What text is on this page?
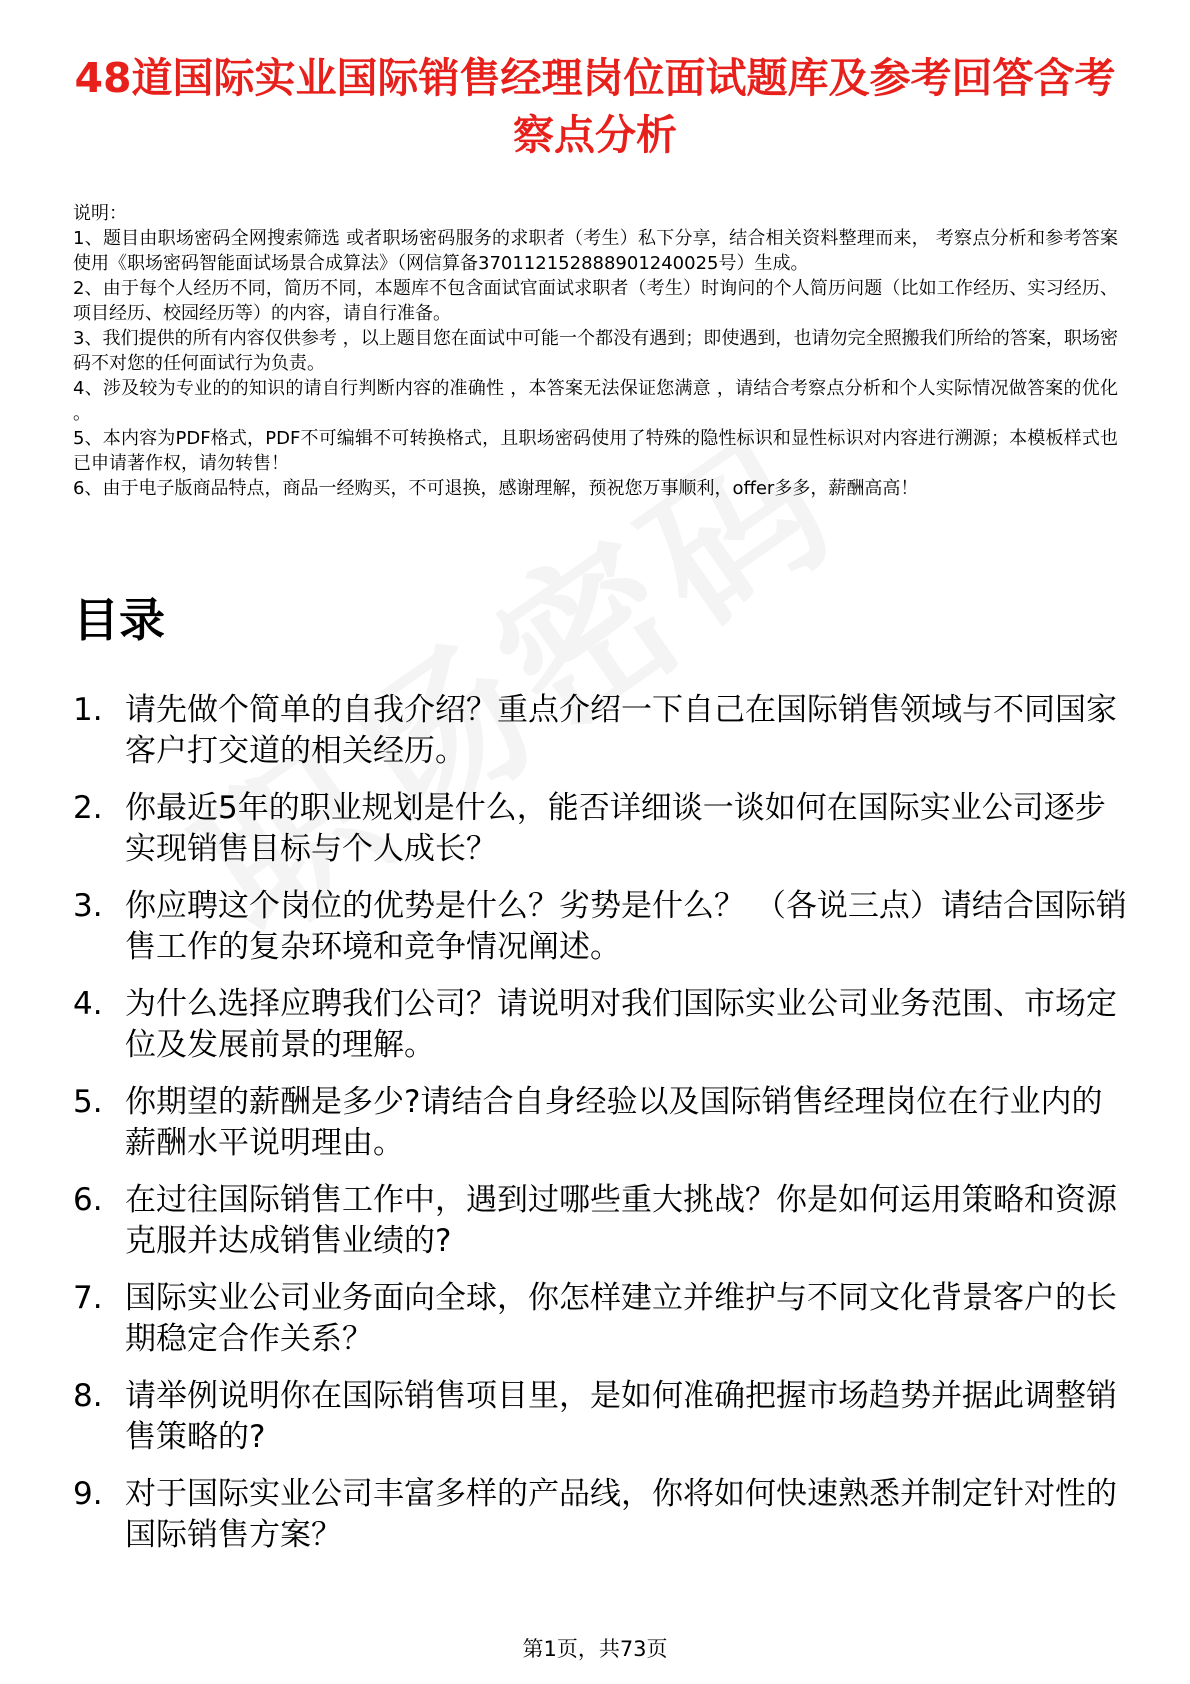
48道国际实业国际销售经理岗位面试题库及参考回答含考察点分析

说明：

1、题目由职场密码全网搜索筛选 或者职场密码服务的求职者（考生）私下分享，结合相关资料整理而来， 考察点分析和参考答案使用《职场密码智能面试场景合成算法》（网信算备370112152888901240025号）生成。

2、由于每个人经历不同，简历不同，本题库不包含面试官面试求职者（考生）时询问的个人简历问题（比如工作经历、实习经历、项目经历、校园经历等）的内容，请自行准备。

3、我们提供的所有内容仅供参考 ，以上题目您在面试中可能一个都没有遇到；即使遇到，也请勿完全照搬我们所给的答案，职场密码不对您的任何面试行为负责。

4、涉及较为专业的的知识的请自行判断内容的准确性 ，本答案无法保证您满意 ，请结合考察点分析和个人实际情况做答案的优化 。

5、本内容为PDF格式，PDF不可编辑不可转换格式，且职场密码使用了特殊的隐性标识和显性标识对内容进行溯源；本模板样式也已申请著作权，请勿转售！

6、由于电子版商品特点，商品一经购买，不可退换，感谢理解，预祝您万事顺利，offer多多，薪酬高高！

目录
1. 请先做个简单的自我介绍？重点介绍一下自己在国际销售领域与不同国家客户打交道的相关经历。
2. 你最近5年的职业规划是什么，能否详细谈一谈如何在国际实业公司逐步实现销售目标与个人成长？
3. 你应聘这个岗位的优势是什么？劣势是什么？ （各说三点）请结合国际销售工作的复杂环境和竞争情况阐述。
4. 为什么选择应聘我们公司？请说明对我们国际实业公司业务范围、市场定位及发展前景的理解。
5. 你期望的薪酬是多少?请结合自身经验以及国际销售经理岗位在行业内的薪酬水平说明理由。
6. 在过往国际销售工作中，遇到过哪些重大挑战？你是如何运用策略和资源克服并达成销售业绩的?
7. 国际实业公司业务面向全球，你怎样建立并维护与不同文化背景客户的长期稳定合作关系？
8. 请举例说明你在国际销售项目里，是如何准确把握市场趋势并据此调整销售策略的?
9. 对于国际实业公司丰富多样的产品线，你将如何快速熟悉并制定针对性的国际销售方案？
第1页，共73页
